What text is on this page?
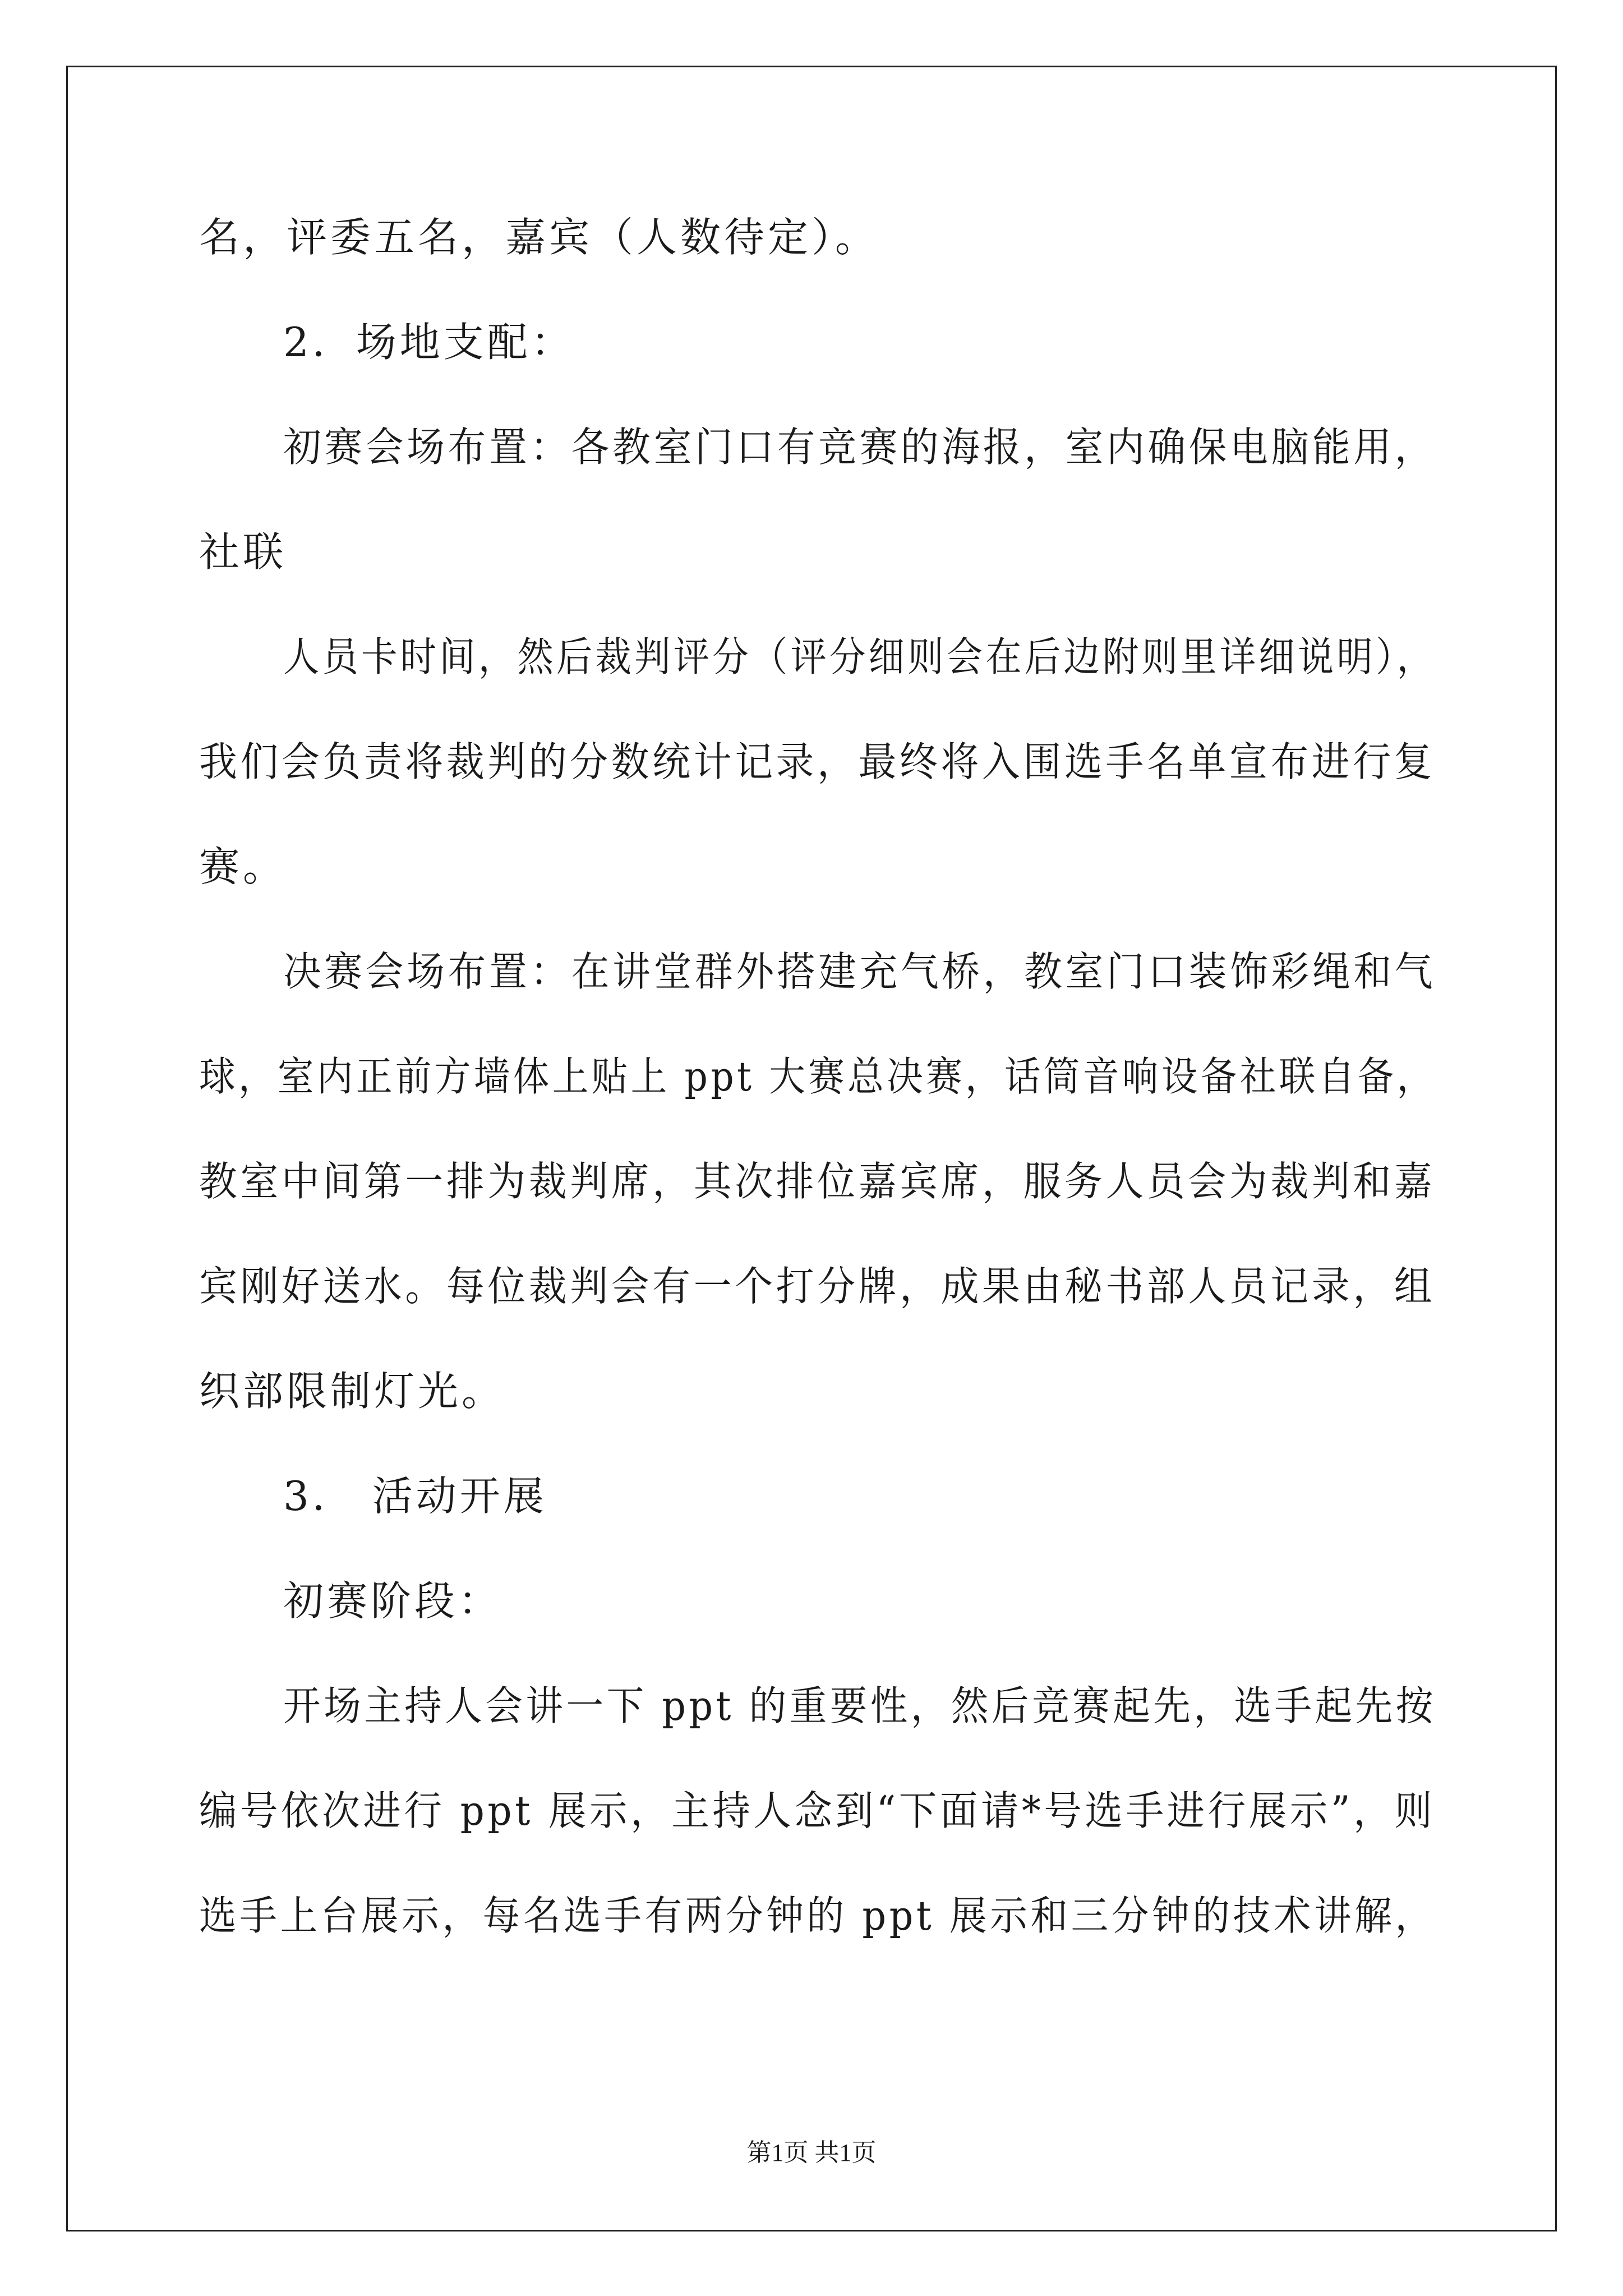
名，评委五名，嘉宾（人数待定）。
2．场地支配：
初赛会场布置：各教室门口有竞赛的海报，室内确保电脑能用，
社联
人员卡时间，然后裁判评分（评分细则会在后边附则里详细说明），
我们会负责将裁判的分数统计记录，最终将入围选手名单宣布进行复
赛。
决赛会场布置：在讲堂群外搭建充气桥，教室门口装饰彩绳和气
球，室内正前方墙体上贴上 ppt 大赛总决赛，话筒音响设备社联自备，
教室中间第一排为裁判席，其次排位嘉宾席，服务人员会为裁判和嘉
宾刚好送水。每位裁判会有一个打分牌，成果由秘书部人员记录，组
织部限制灯光。
3． 活动开展
初赛阶段：
开场主持人会讲一下 ppt 的重要性，然后竞赛起先，选手起先按
编号依次进行 ppt 展示，主持人念到“下面请*号选手进行展示”，则
选手上台展示，每名选手有两分钟的 ppt 展示和三分钟的技术讲解，
第1页 共1页
